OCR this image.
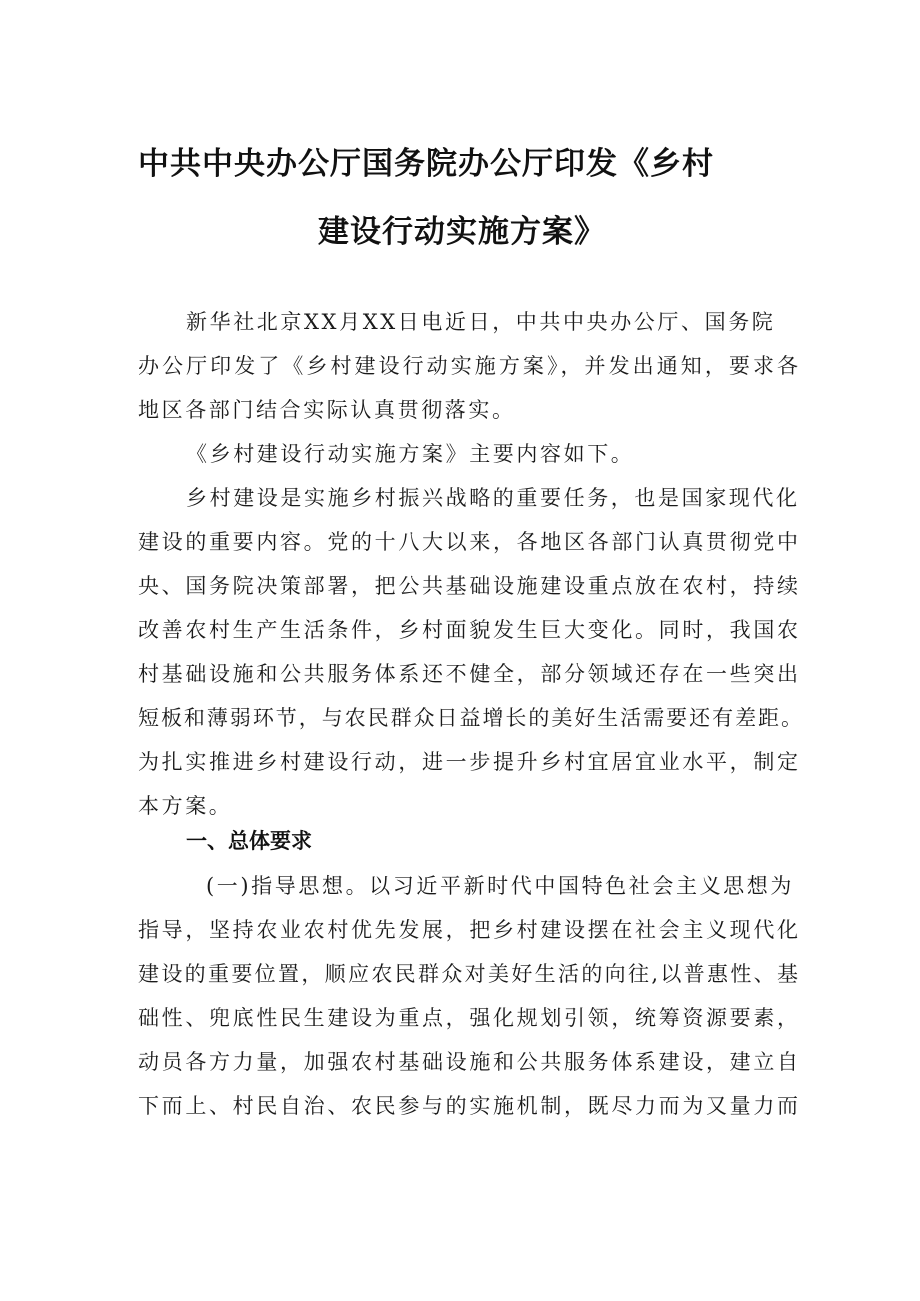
中共中央办公厅国务院办公厅印发《乡村
建设行动实施方案》
新华社北京XX月XX日电近日，中共中央办公厅、国务院
办公厅印发了《乡村建设行动实施方案》，并发出通知，要求各
地区各部门结合实际认真贯彻落实。
《乡村建设行动实施方案》主要内容如下。
乡村建设是实施乡村振兴战略的重要任务，也是国家现代化
建设的重要内容。党的十八大以来，各地区各部门认真贯彻党中
央、国务院决策部署，把公共基础设施建设重点放在农村，持续
改善农村生产生活条件，乡村面貌发生巨大变化。同时，我国农
村基础设施和公共服务体系还不健全，部分领域还存在一些突出
短板和薄弱环节，与农民群众日益增长的美好生活需要还有差距。
为扎实推进乡村建设行动，进一步提升乡村宜居宜业水平，制定
本方案。
一、总体要求
(一)指导思想。以习近平新时代中国特色社会主义思想为
指导，坚持农业农村优先发展，把乡村建设摆在社会主义现代化
建设的重要位置，顺应农民群众对美好生活的向往,以普惠性、基
础性、兜底性民生建设为重点，强化规划引领，统筹资源要素，
动员各方力量，加强农村基础设施和公共服务体系建设，建立自
下而上、村民自治、农民参与的实施机制，既尽力而为又量力而
